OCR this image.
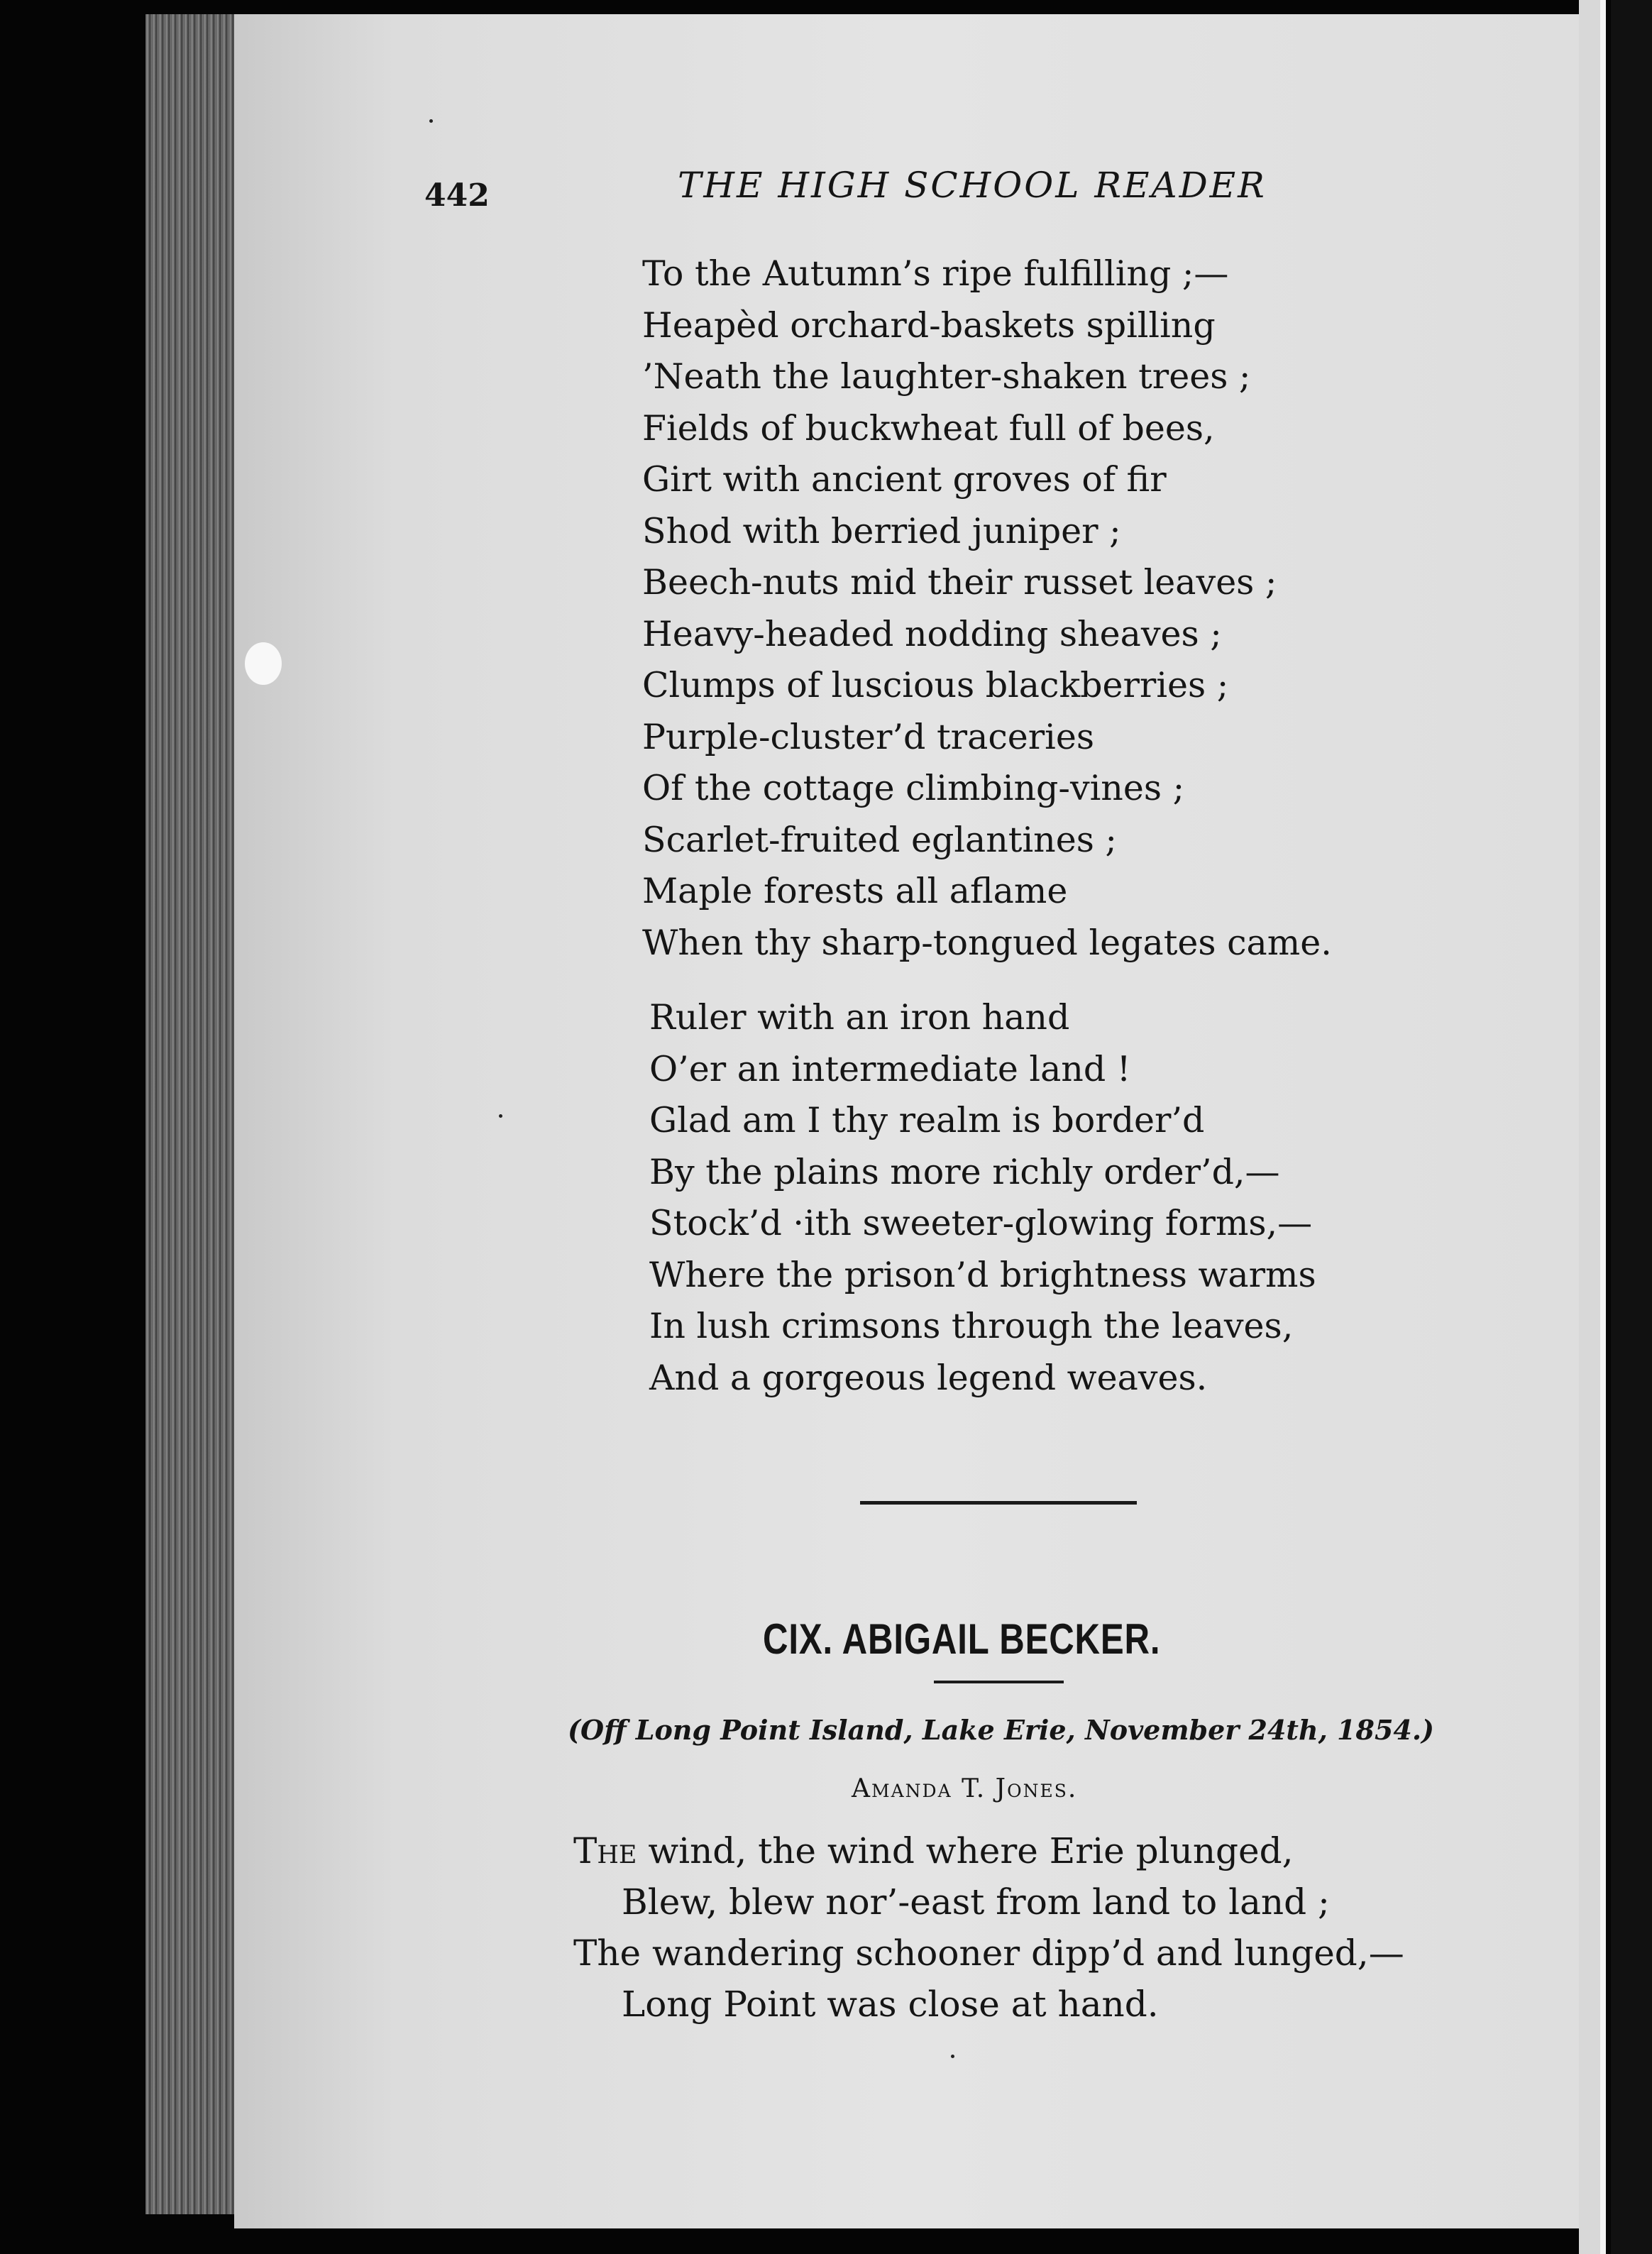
442	THE HIGH SCHOOL READER

To the Autumn’s ripe fulfilling ;—
Heapèd orchard-baskets spilling
’Neath the laughter-shaken trees ;
Fields of buckwheat full of bees,
Girt with ancient groves of fir
Shod with berried juniper ;
Beech-nuts mid their russet leaves ;
Heavy-headed nodding sheaves ;
Clumps of luscious blackberries ;
Purple-cluster’d traceries
Of the cottage climbing-vines ;
Scarlet-fruited eglantines ;
Maple forests all aflame
When thy sharp-tongued legates came.

Ruler with an iron hand
O’er an intermediate land !
Glad am I thy realm is border’d
By the plains more richly order’d,—
Stock’d ·ith sweeter-glowing forms,—
Where the prison’d brightness warms
In lush crimsons through the leaves,
And a gorgeous legend weaves.

CIX. ABIGAIL BECKER.

(Off Long Point Island, Lake Erie, November 24th, 1854.)

Amanda T. Jones.

The wind, the wind where Erie plunged,
Blew, blew nor’-east from land to land ;
The wandering schooner dipp’d and lunged,—
Long Point was close at hand.
